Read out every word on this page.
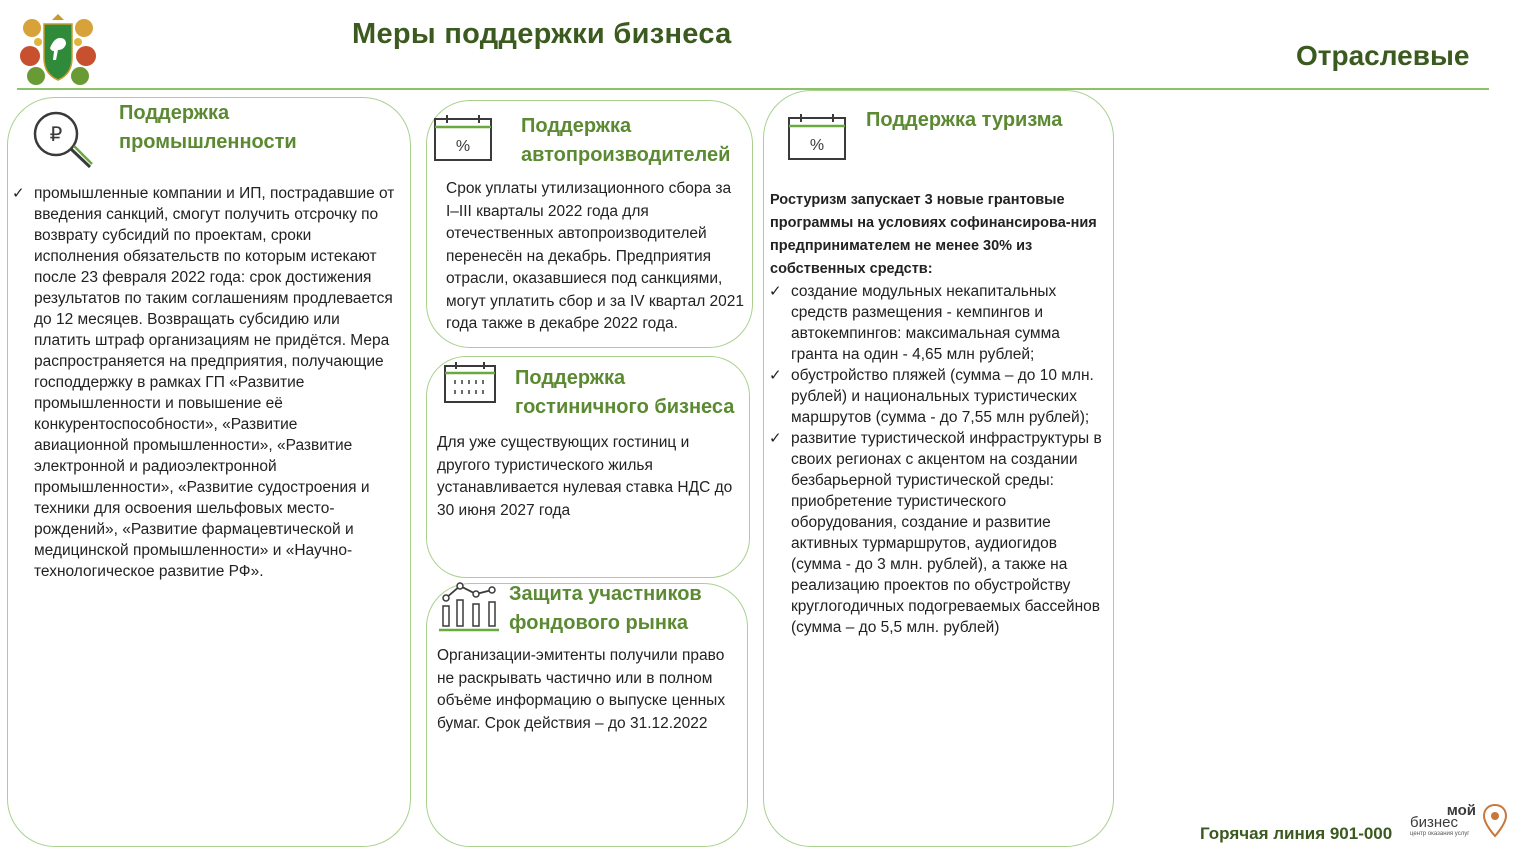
Меры поддержки бизнеса
Отраслевые
₽
Поддержка
промышленности
✓ промышленные компании и ИП, пострадавшие от введения санкций, смогут получить отсрочку по возврату субсидий по проектам, сроки исполнения обязательств по которым истекают после 23 февраля 2022 года: срок достижения результатов по таким соглашениям продлевается до 12 месяцев. Возвращать субсидию или платить штраф организациям не придётся. Мера распространяется на предприятия, получающие господдержку в рамках ГП «Развитие промышленности и повышение её конкурентоспособности», «Развитие авиационной промышленности», «Развитие электронной и радиоэлектронной промышленности», «Развитие судостроения и техники для освоения шельфовых место-рождений», «Развитие фармацевтической и медицинской промышленности» и «Научно-технологическое развитие РФ».
%
Поддержка
автопроизводителей
Срок уплаты утилизационного сбора за I–III кварталы 2022 года для отечественных автопроизводителей перенесён на декабрь. Предприятия отрасли, оказавшиеся под санкциями, могут уплатить сбор и за IV квартал 2021 года также в декабре 2022 года.
Поддержка
гостиничного бизнеса
Для уже существующих гостиниц и другого туристического жилья устанавливается нулевая ставка НДС до 30 июня 2027 года
Защита участников
фондового рынка
Организации-эмитенты получили право не раскрывать частично или в полном объёме информацию о выпуске ценных бумаг. Срок действия – до 31.12.2022
%
Поддержка туризма
Ростуризм запускает 3 новые грантовые программы на условиях софинансирова-ния предпринимателем не менее 30% из собственных средств:
✓ создание модульных некапитальных средств размещения - кемпингов и автокемпингов: максимальная сумма гранта на один - 4,65 млн рублей;
✓ обустройство пляжей (сумма – до 10 млн. рублей) и национальных туристических маршрутов (сумма - до 7,55 млн рублей);
✓ развитие туристической инфраструктуры в своих регионах с акцентом на создании безбарьерной туристической среды: приобретение туристического оборудования, создание и развитие активных турмаршрутов, аудиогидов (сумма - до 3 млн. рублей), а также на реализацию проектов по обустройству круглогодичных подогреваемых бассейнов (сумма – до 5,5 млн. рублей)
Горячая линия 901-000
мой
бизнес
центр оказания услуг
